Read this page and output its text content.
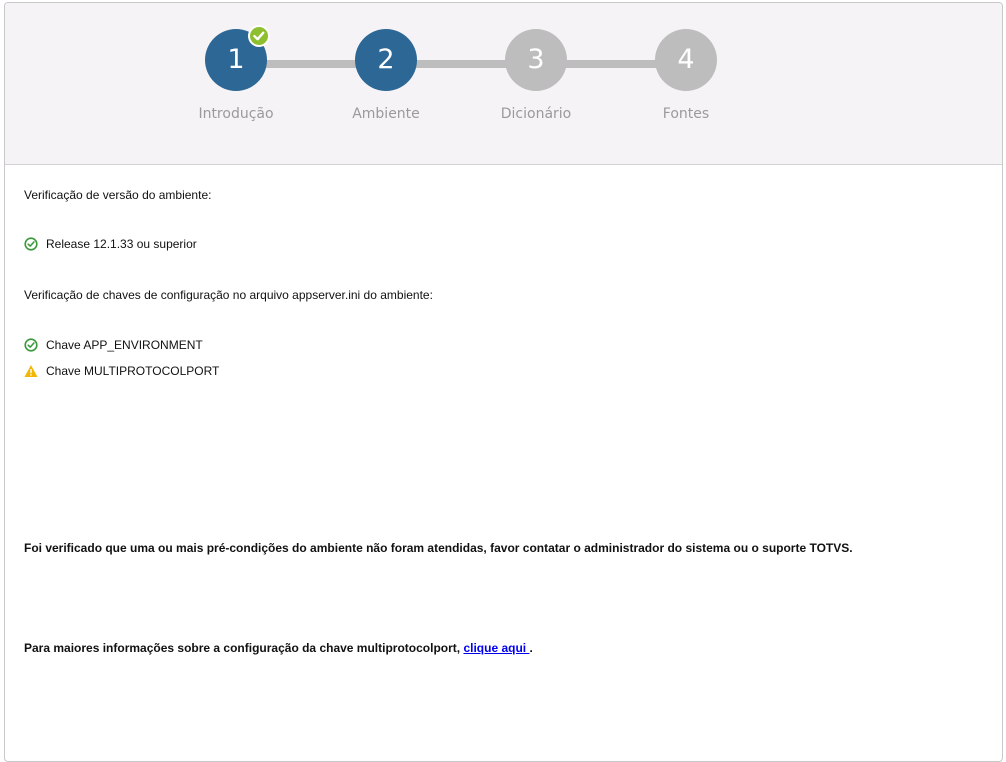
1	2	3	4
Introdução	Ambiente	Dicionário	Fontes
Verificação de versão do ambiente:
Release 12.1.33 ou superior
Verificação de chaves de configuração no arquivo appserver.ini do ambiente:
Chave APP_ENVIRONMENT
Chave MULTIPROTOCOLPORT
Foi verificado que uma ou mais pré-condições do ambiente não foram atendidas, favor contatar o administrador do sistema ou o suporte TOTVS.
Para maiores informações sobre a configuração da chave multiprotocolport, clique aqui .
